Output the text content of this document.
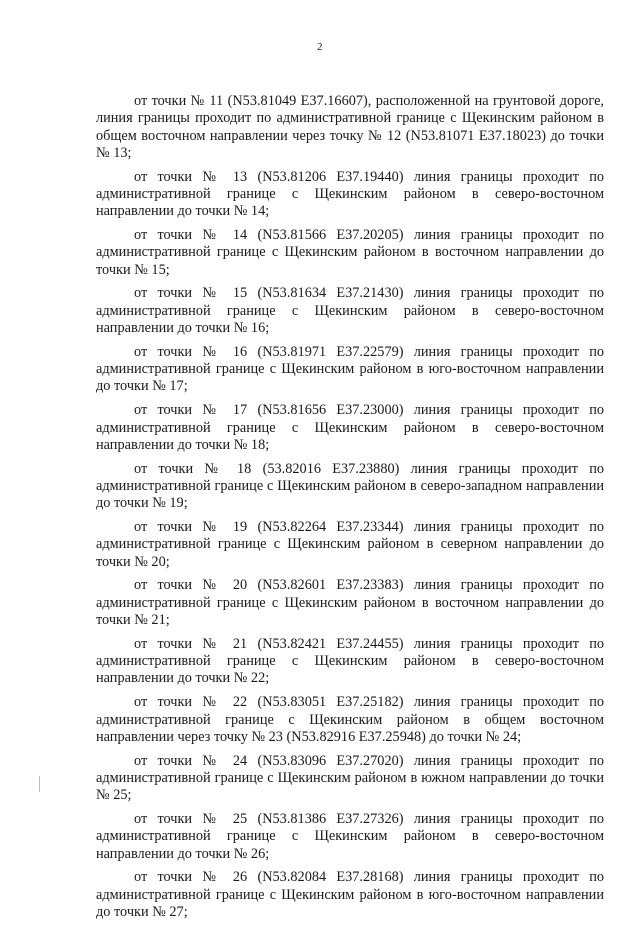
2

от точки № 11 (N53.81049 E37.16607), расположенной на грунтовой дороге, линия границы проходит по административной границе с Щекинским районом в общем восточном направлении через точку № 12 (N53.81071 E37.18023) до точки № 13;

от точки № 13 (N53.81206 E37.19440) линия границы проходит по административной границе с Щекинским районом в северо-восточном направлении до точки № 14;

от точки № 14 (N53.81566 E37.20205) линия границы проходит по административной границе с Щекинским районом в восточном направлении до точки № 15;

от точки № 15 (N53.81634 E37.21430) линия границы проходит по административной границе с Щекинским районом в северо-восточном направлении до точки № 16;

от точки № 16 (N53.81971 E37.22579) линия границы проходит по административной границе с Щекинским районом в юго-восточном направлении до точки № 17;

от точки № 17 (N53.81656 E37.23000) линия границы проходит по административной границе с Щекинским районом в северо-восточном направлении до точки № 18;

от точки № 18 (53.82016 E37.23880) линия границы проходит по административной границе с Щекинским районом в северо-западном направлении до точки № 19;

от точки № 19 (N53.82264 E37.23344) линия границы проходит по административной границе с Щекинским районом в северном направлении до точки № 20;

от точки № 20 (N53.82601 E37.23383) линия границы проходит по административной границе с Щекинским районом в восточном направлении до точки № 21;

от точки № 21 (N53.82421 E37.24455) линия границы проходит по административной границе с Щекинским районом в северо-восточном направлении до точки № 22;

от точки № 22 (N53.83051 E37.25182) линия границы проходит по административной границе с Щекинским районом в общем восточном направлении через точку № 23 (N53.82916 E37.25948) до точки № 24;

от точки № 24 (N53.83096 E37.27020) линия границы проходит по административной границе с Щекинским районом в южном направлении до точки № 25;

от точки № 25 (N53.81386 E37.27326) линия границы проходит по административной границе с Щекинским районом в северо-восточном направлении до точки № 26;

от точки № 26 (N53.82084 E37.28168) линия границы проходит по административной границе с Щекинским районом в юго-восточном направлении до точки № 27;
